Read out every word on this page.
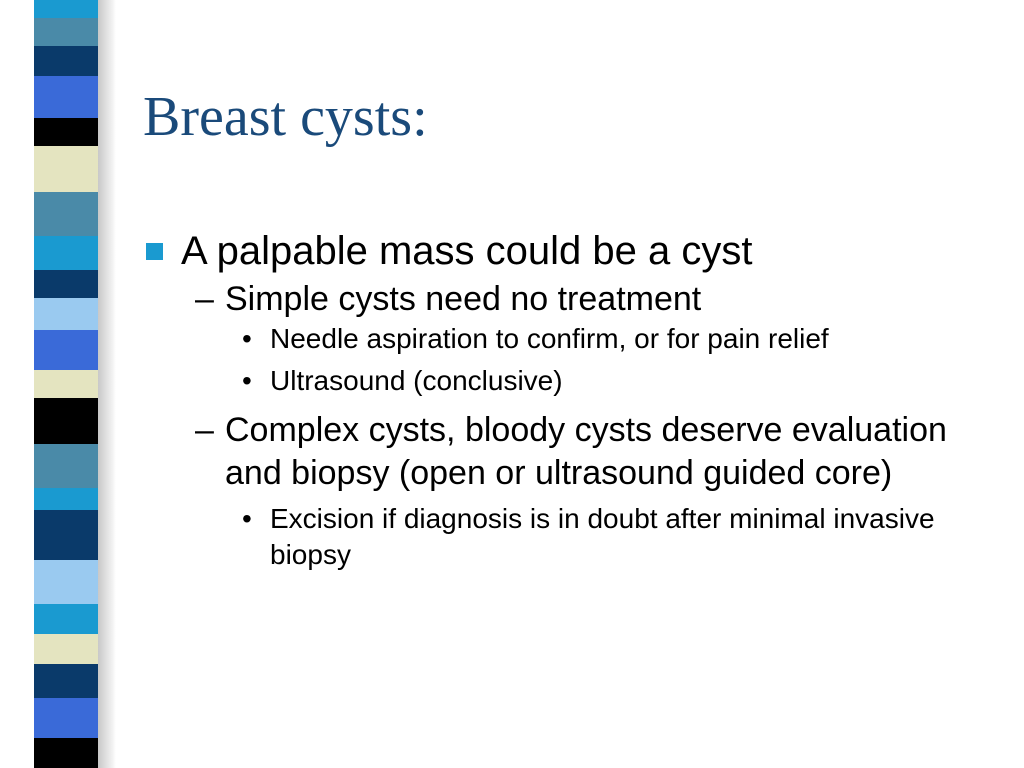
Breast cysts:
A palpable mass could be a cyst
– Simple cysts need no treatment
• Needle aspiration to confirm, or for pain relief
• Ultrasound (conclusive)
– Complex cysts, bloody cysts deserve evaluation and biopsy (open or ultrasound guided core)
• Excision if diagnosis is in doubt after minimal invasive biopsy
